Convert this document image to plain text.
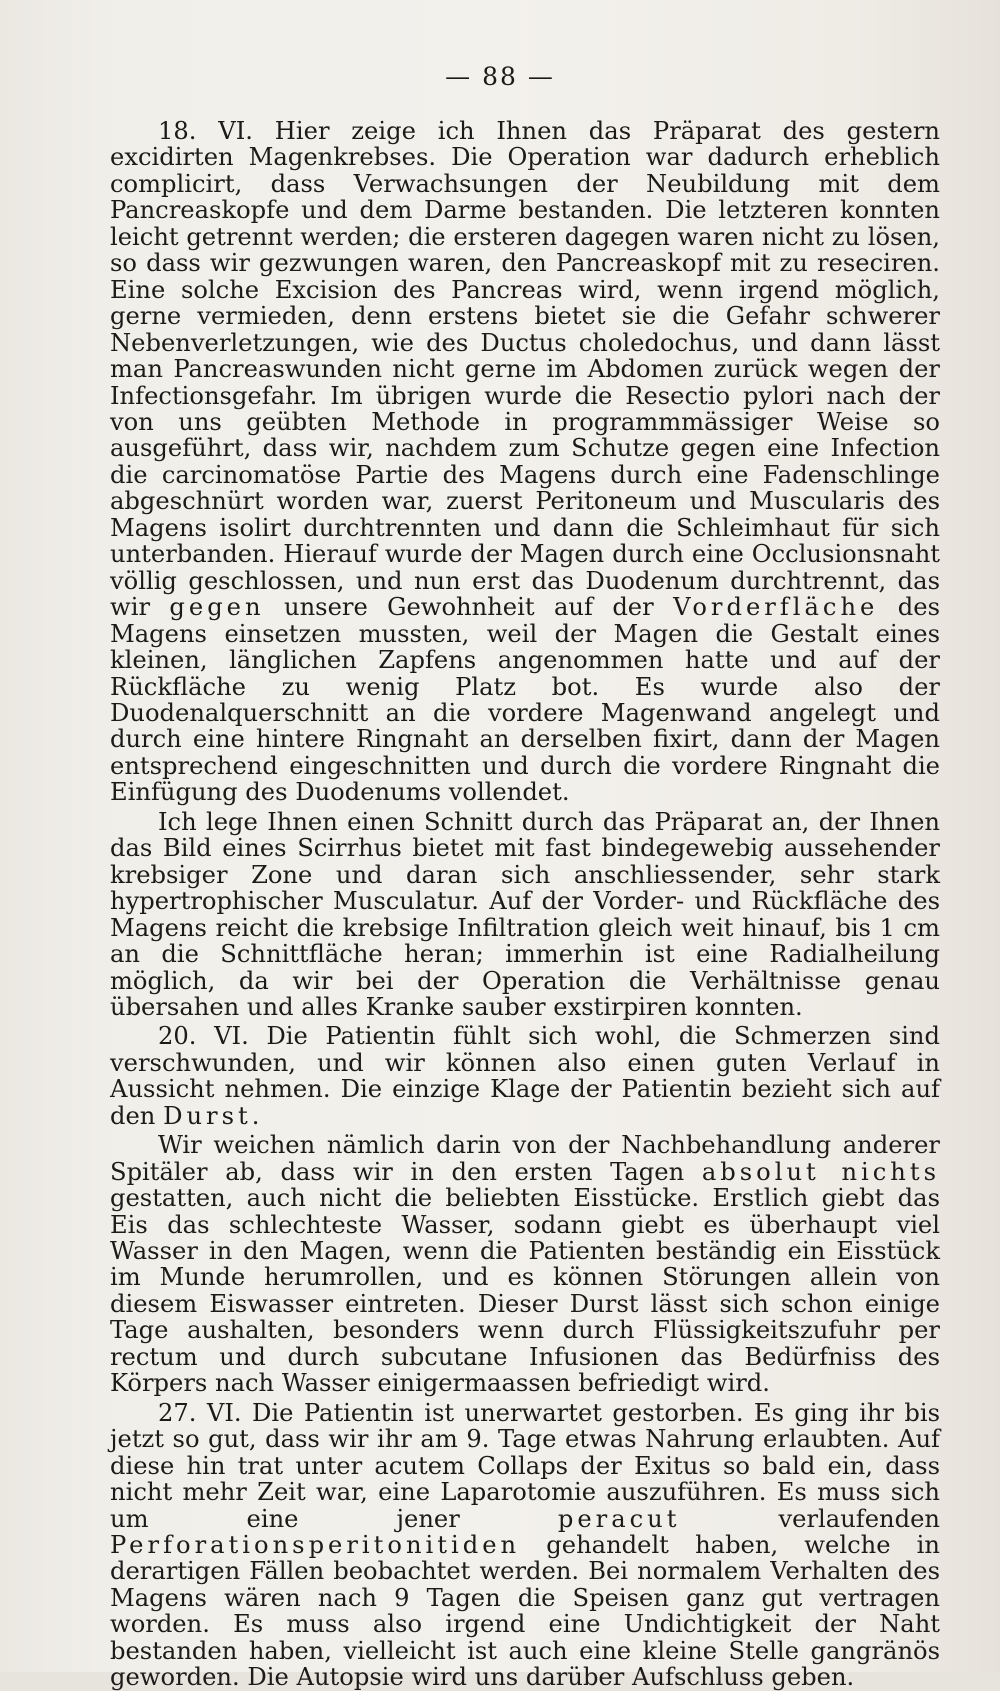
— 88 —

18. VI. Hier zeige ich Ihnen das Präparat des gestern excidirten Magenkrebses. Die Operation war dadurch erheblich complicirt, dass Verwachsungen der Neubildung mit dem Pancreaskopfe und dem Darme bestanden. Die letzteren konnten leicht getrennt werden; die ersteren dagegen waren nicht zu lösen, so dass wir gezwungen waren, den Pancreaskopf mit zu reseciren. Eine solche Excision des Pancreas wird, wenn irgend möglich, gerne vermieden, denn erstens bietet sie die Gefahr schwerer Nebenverletzungen, wie des Ductus choledochus, und dann lässt man Pancreaswunden nicht gerne im Abdomen zurück wegen der Infectionsgefahr. Im übrigen wurde die Resectio pylori nach der von uns geübten Methode in programmmässiger Weise so ausgeführt, dass wir, nachdem zum Schutze gegen eine Infection die carcinomatöse Partie des Magens durch eine Fadenschlinge abgeschnürt worden war, zuerst Peritoneum und Muscularis des Magens isolirt durchtrennten und dann die Schleimhaut für sich unterbanden. Hierauf wurde der Magen durch eine Occlusionsnaht völlig geschlossen, und nun erst das Duodenum durchtrennt, das wir gegen unsere Gewohnheit auf der Vorderfläche des Magens einsetzen mussten, weil der Magen die Gestalt eines kleinen, länglichen Zapfens angenommen hatte und auf der Rückfläche zu wenig Platz bot. Es wurde also der Duodenalquerschnitt an die vordere Magenwand angelegt und durch eine hintere Ringnaht an derselben fixirt, dann der Magen entsprechend eingeschnitten und durch die vordere Ringnaht die Einfügung des Duodenums vollendet.

Ich lege Ihnen einen Schnitt durch das Präparat an, der Ihnen das Bild eines Scirrhus bietet mit fast bindegewebig aussehender krebsiger Zone und daran sich anschliessender, sehr stark hypertrophischer Musculatur. Auf der Vorder- und Rückfläche des Magens reicht die krebsige Infiltration gleich weit hinauf, bis 1 cm an die Schnittfläche heran; immerhin ist eine Radialheilung möglich, da wir bei der Operation die Verhältnisse genau übersahen und alles Kranke sauber exstirpiren konnten.

20. VI. Die Patientin fühlt sich wohl, die Schmerzen sind verschwunden, und wir können also einen guten Verlauf in Aussicht nehmen. Die einzige Klage der Patientin bezieht sich auf den Durst.

Wir weichen nämlich darin von der Nachbehandlung anderer Spitäler ab, dass wir in den ersten Tagen absolut nichts gestatten, auch nicht die beliebten Eisstücke. Erstlich giebt das Eis das schlechteste Wasser, sodann giebt es überhaupt viel Wasser in den Magen, wenn die Patienten beständig ein Eisstück im Munde herumrollen, und es können Störungen allein von diesem Eiswasser eintreten. Dieser Durst lässt sich schon einige Tage aushalten, besonders wenn durch Flüssigkeitszufuhr per rectum und durch subcutane Infusionen das Bedürfniss des Körpers nach Wasser einigermaassen befriedigt wird.

27. VI. Die Patientin ist unerwartet gestorben. Es ging ihr bis jetzt so gut, dass wir ihr am 9. Tage etwas Nahrung erlaubten. Auf diese hin trat unter acutem Collaps der Exitus so bald ein, dass nicht mehr Zeit war, eine Laparotomie auszuführen. Es muss sich um eine jener peracut verlaufenden Perforationsperitonitiden gehandelt haben, welche in derartigen Fällen beobachtet werden. Bei normalem Verhalten des Magens wären nach 9 Tagen die Speisen ganz gut vertragen worden. Es muss also irgend eine Undichtigkeit der Naht bestanden haben, vielleicht ist auch eine kleine Stelle gangränös geworden. Die Autopsie wird uns darüber Aufschluss geben.
